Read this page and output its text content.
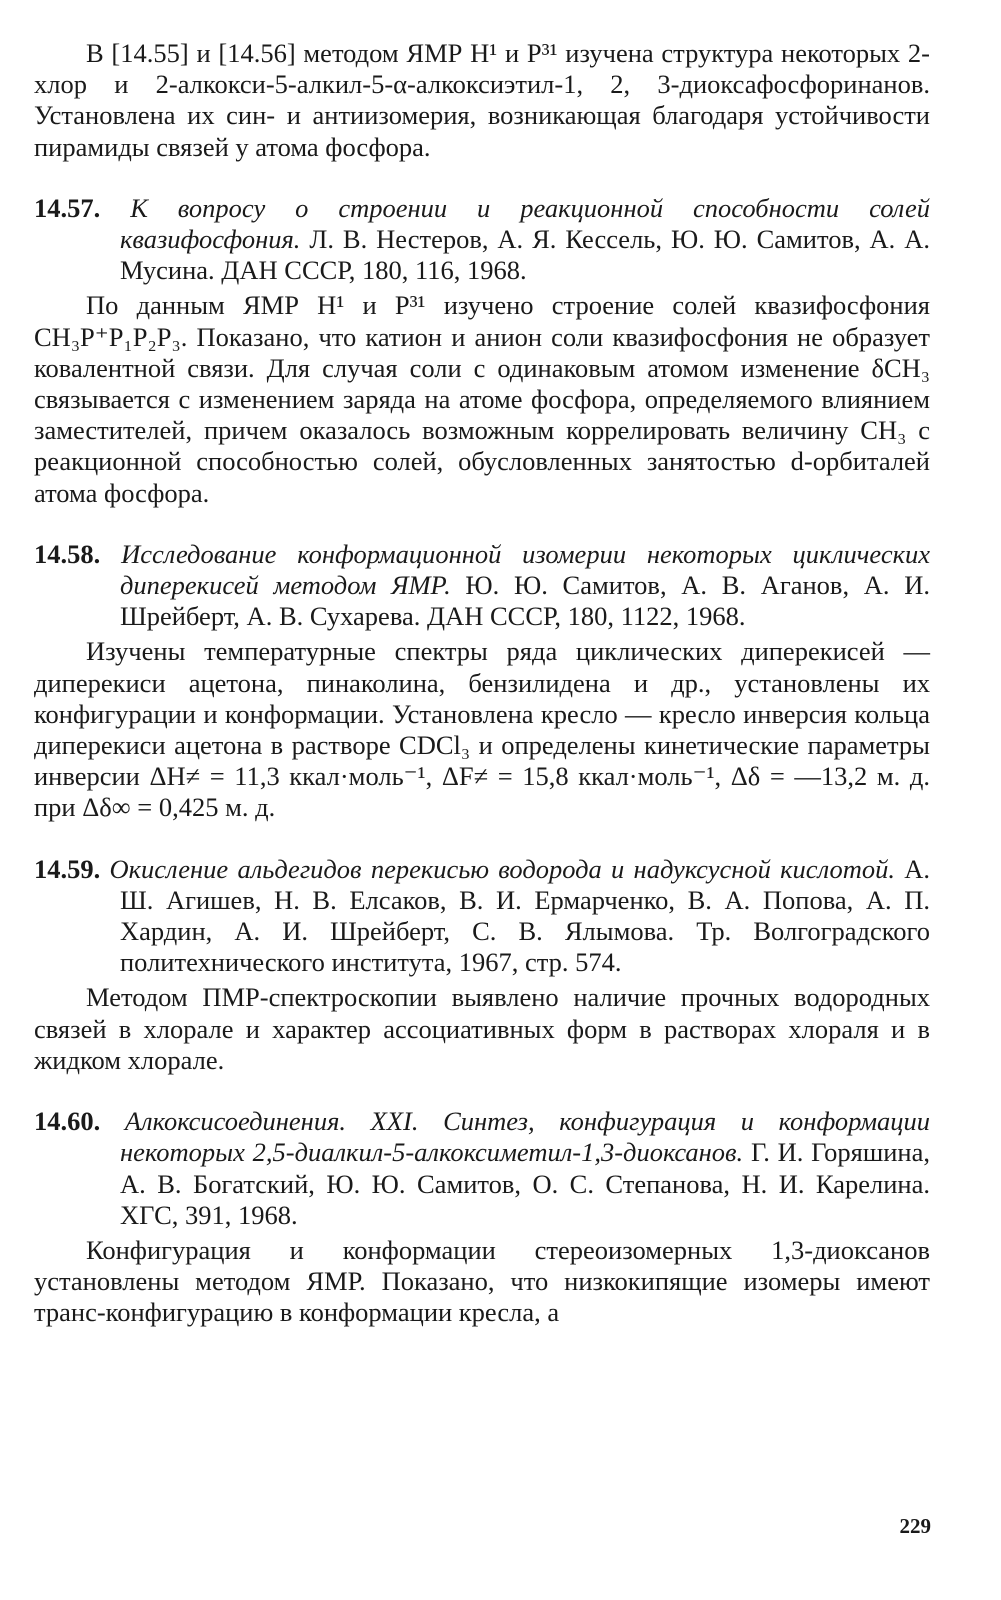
В [14.55] и [14.56] методом ЯМР H¹ и P³¹ изучена структура некоторых 2-хлор и 2-алкокси-5-алкил-5-α-алкоксиэтил-1, 2, 3-диоксафосфоринанов. Установлена их син- и антиизомерия, возникающая благодаря устойчивости пирамиды связей у атома фосфора.

14.57. К вопросу о строении и реакционной способности солей квазифосфония. Л. В. Нестеров, А. Я. Кессель, Ю. Ю. Самитов, А. А. Мусина. ДАН СССР, 180, 116, 1968.

По данным ЯМР H¹ и P³¹ изучено строение солей квазифосфония CH₃P⁺P₁P₂P₃. Показано, что катион и анион соли квазифосфония не образует ковалентной связи. Для случая соли с одинаковым атомом изменение δCH₃ связывается с изменением заряда на атоме фосфора, определяемого влиянием заместителей, причем оказалось возможным коррелировать величину CH₃ с реакционной способностью солей, обусловленных занятостью d-орбиталей атома фосфора.

14.58. Исследование конформационной изомерии некоторых циклических диперекисей методом ЯМР. Ю. Ю. Самитов, А. В. Аганов, А. И. Шрейберт, А. В. Сухарева. ДАН СССР, 180, 1122, 1968.

Изучены температурные спектры ряда циклических диперекисей — диперекиси ацетона, пинаколина, бензилидена и др., установлены их конфигурации и конформации. Установлена кресло — кресло инверсия кольца диперекиси ацетона в растворе CDCl₃ и определены кинетические параметры инверсии ΔH≠ = 11,3 ккал·моль⁻¹, ΔF≠ = 15,8 ккал·моль⁻¹, Δδ = —13,2 м. д. при Δδ∞ = 0,425 м. д.

14.59. Окисление альдегидов перекисью водорода и надуксусной кислотой. А. Ш. Агишев, Н. В. Елсаков, В. И. Ермарченко, В. А. Попова, А. П. Хардин, А. И. Шрейберт, С. В. Ялымова. Тр. Волгоградского политехнического института, 1967, стр. 574.

Методом ПМР-спектроскопии выявлено наличие прочных водородных связей в хлорале и характер ассоциативных форм в растворах хлораля и в жидком хлорале.

14.60. Алкоксисоединения. XXI. Синтез, конфигурация и конформации некоторых 2,5-диалкил-5-алкоксиметил-1,3-диоксанов. Г. И. Горяшина, А. В. Богатский, Ю. Ю. Самитов, О. С. Степанова, Н. И. Карелина. ХГС, 391, 1968.

Конфигурация и конформации стереоизомерных 1,3-диоксанов установлены методом ЯМР. Показано, что низкокипящие изомеры имеют транс-конфигурацию в конформации кресла, а

229
